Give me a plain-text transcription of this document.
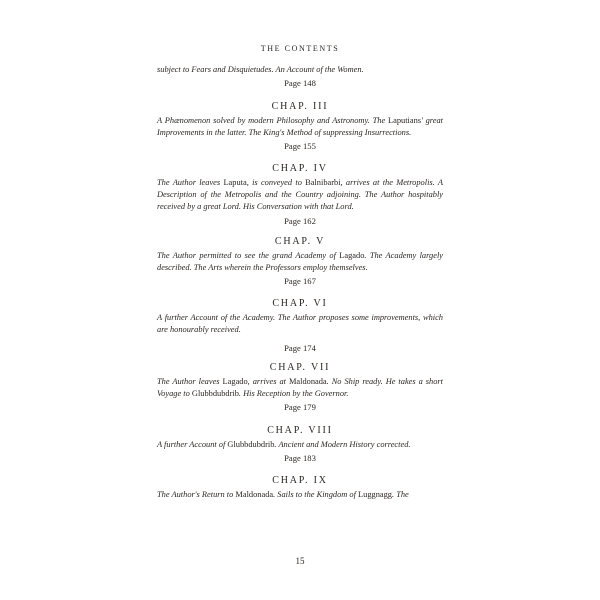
THE CONTENTS

subject to Fears and Disquietudes. An Account of the Women.

Page 148
CHAP. III

A Phænomenon solved by modern Philosophy and Astronomy. The Laputians' great Improvements in the latter. The King's Method of suppressing Insurrections.

Page 155
CHAP. IV

The Author leaves Laputa, is conveyed to Balnibarbi, arrives at the Metropolis. A Description of the Metropolis and the Country adjoining. The Author hospitably received by a great Lord. His Conversation with that Lord.

Page 162
CHAP. V

The Author permitted to see the grand Academy of Lagado. The Academy largely described. The Arts wherein the Professors employ themselves.

Page 167
CHAP. VI

A further Account of the Academy. The Author proposes some improvements, which are honourably received.

Page 174
CHAP. VII

The Author leaves Lagado, arrives at Maldonada. No Ship ready. He takes a short Voyage to Glubbdubdrib. His Reception by the Governor.

Page 179
CHAP. VIII

A further Account of Glubbdubdrib. Ancient and Modern History corrected.

Page 183
CHAP. IX

The Author's Return to Maldonada. Sails to the Kingdom of Luggnagg. The

15
